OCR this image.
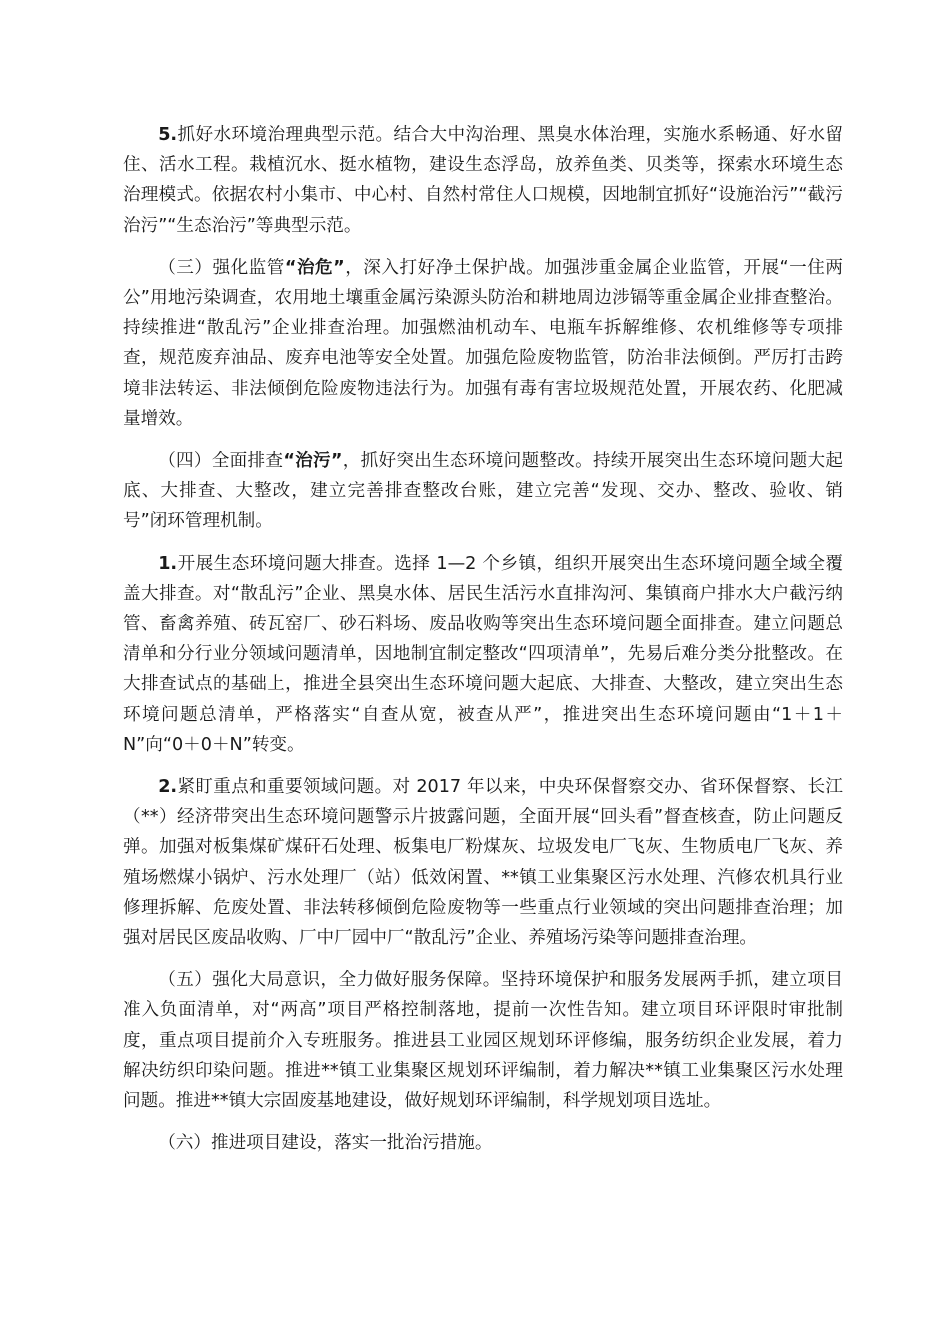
5.抓好水环境治理典型示范。结合大中沟治理、黑臭水体治理，实施水系畅通、好水留住、活水工程。栽植沉水、挺水植物，建设生态浮岛，放养鱼类、贝类等，探索水环境生态治理模式。依据农村小集市、中心村、自然村常住人口规模，因地制宜抓好“设施治污”“截污治污”“生态治污”等典型示范。

（三）强化监管“治危”，深入打好净土保护战。加强涉重金属企业监管，开展“一住两公”用地污染调查，农用地土壤重金属污染源头防治和耕地周边涉镉等重金属企业排查整治。持续推进“散乱污”企业排查治理。加强燃油机动车、电瓶车拆解维修、农机维修等专项排查，规范废弃油品、废弃电池等安全处置。加强危险废物监管，防治非法倾倒。严厉打击跨境非法转运、非法倾倒危险废物违法行为。加强有毒有害垃圾规范处置，开展农药、化肥减量增效。

（四）全面排查“治污”，抓好突出生态环境问题整改。持续开展突出生态环境问题大起底、大排查、大整改，建立完善排查整改台账，建立完善“发现、交办、整改、验收、销号”闭环管理机制。

1.开展生态环境问题大排查。选择 1—2 个乡镇，组织开展突出生态环境问题全域全覆盖大排查。对“散乱污”企业、黑臭水体、居民生活污水直排沟河、集镇商户排水大户截污纳管、畜禽养殖、砖瓦窑厂、砂石料场、废品收购等突出生态环境问题全面排查。建立问题总清单和分行业分领域问题清单，因地制宜制定整改“四项清单”，先易后难分类分批整改。在大排查试点的基础上，推进全县突出生态环境问题大起底、大排查、大整改，建立突出生态环境问题总清单，严格落实“自查从宽，被查从严”，推进突出生态环境问题由“1＋1＋N”向“0＋0＋N”转变。

2.紧盯重点和重要领域问题。对 2017 年以来，中央环保督察交办、省环保督察、长江（**）经济带突出生态环境问题警示片披露问题，全面开展“回头看”督查核查，防止问题反弹。加强对板集煤矿煤矸石处理、板集电厂粉煤灰、垃圾发电厂飞灰、生物质电厂飞灰、养殖场燃煤小锅炉、污水处理厂（站）低效闲置、**镇工业集聚区污水处理、汽修农机具行业修理拆解、危废处置、非法转移倾倒危险废物等一些重点行业领域的突出问题排查治理；加强对居民区废品收购、厂中厂园中厂“散乱污”企业、养殖场污染等问题排查治理。

（五）强化大局意识，全力做好服务保障。坚持环境保护和服务发展两手抓，建立项目准入负面清单，对“两高”项目严格控制落地，提前一次性告知。建立项目环评限时审批制度，重点项目提前介入专班服务。推进县工业园区规划环评修编，服务纺织企业发展，着力解决纺织印染问题。推进**镇工业集聚区规划环评编制，着力解决**镇工业集聚区污水处理问题。推进**镇大宗固废基地建设，做好规划环评编制，科学规划项目选址。

（六）推进项目建设，落实一批治污措施。
